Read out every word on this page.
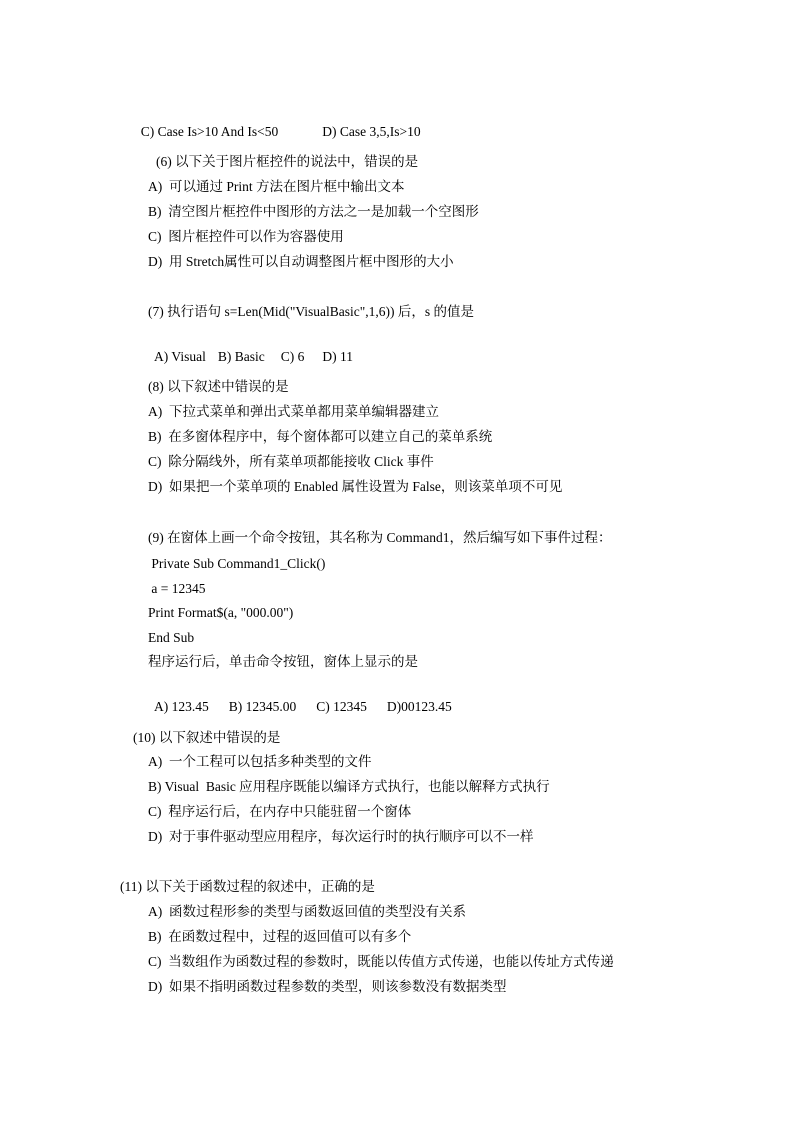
C) Case Is>10 And Is<50	D) Case 3,5,Is>10

(6) 以下关于图片框控件的说法中，错误的是
A)  可以通过 Print 方法在图片框中输出文本
B)  清空图片框控件中图形的方法之一是加载一个空图形
C)  图片框控件可以作为容器使用
D)  用 Stretch属性可以自动调整图片框中图形的大小
(7) 执行语句 s=Len(Mid("VisualBasic",1,6)) 后，s 的值是

A) Visual B) Basic C) 6 D) 11

(8) 以下叙述中错误的是
A)  下拉式菜单和弹出式菜单都用菜单编辑器建立
B)  在多窗体程序中，每个窗体都可以建立自己的菜单系统
C)  除分隔线外，所有菜单项都能接收 Click 事件
D)  如果把一个菜单项的 Enabled 属性设置为 False，则该菜单项不可见
(9) 在窗体上画一个命令按钮，其名称为 Command1，然后编写如下事件过程：
Private Sub Command1_Click()
a = 12345
Print Format$(a, "000.00")
End Sub
程序运行后，单击命令按钮，窗体上显示的是

A) 123.45 B) 12345.00 C) 12345 D)00123.45

(10) 以下叙述中错误的是
A)  一个工程可以包括多种类型的文件
B) Visual  Basic 应用程序既能以编译方式执行，也能以解释方式执行
C)  程序运行后，在内存中只能驻留一个窗体
D)  对于事件驱动型应用程序，每次运行时的执行顺序可以不一样
(11) 以下关于函数过程的叙述中，正确的是
A)  函数过程形参的类型与函数返回值的类型没有关系
B)  在函数过程中，过程的返回值可以有多个
C)  当数组作为函数过程的参数时，既能以传值方式传递，也能以传址方式传递
D)  如果不指明函数过程参数的类型，则该参数没有数据类型
